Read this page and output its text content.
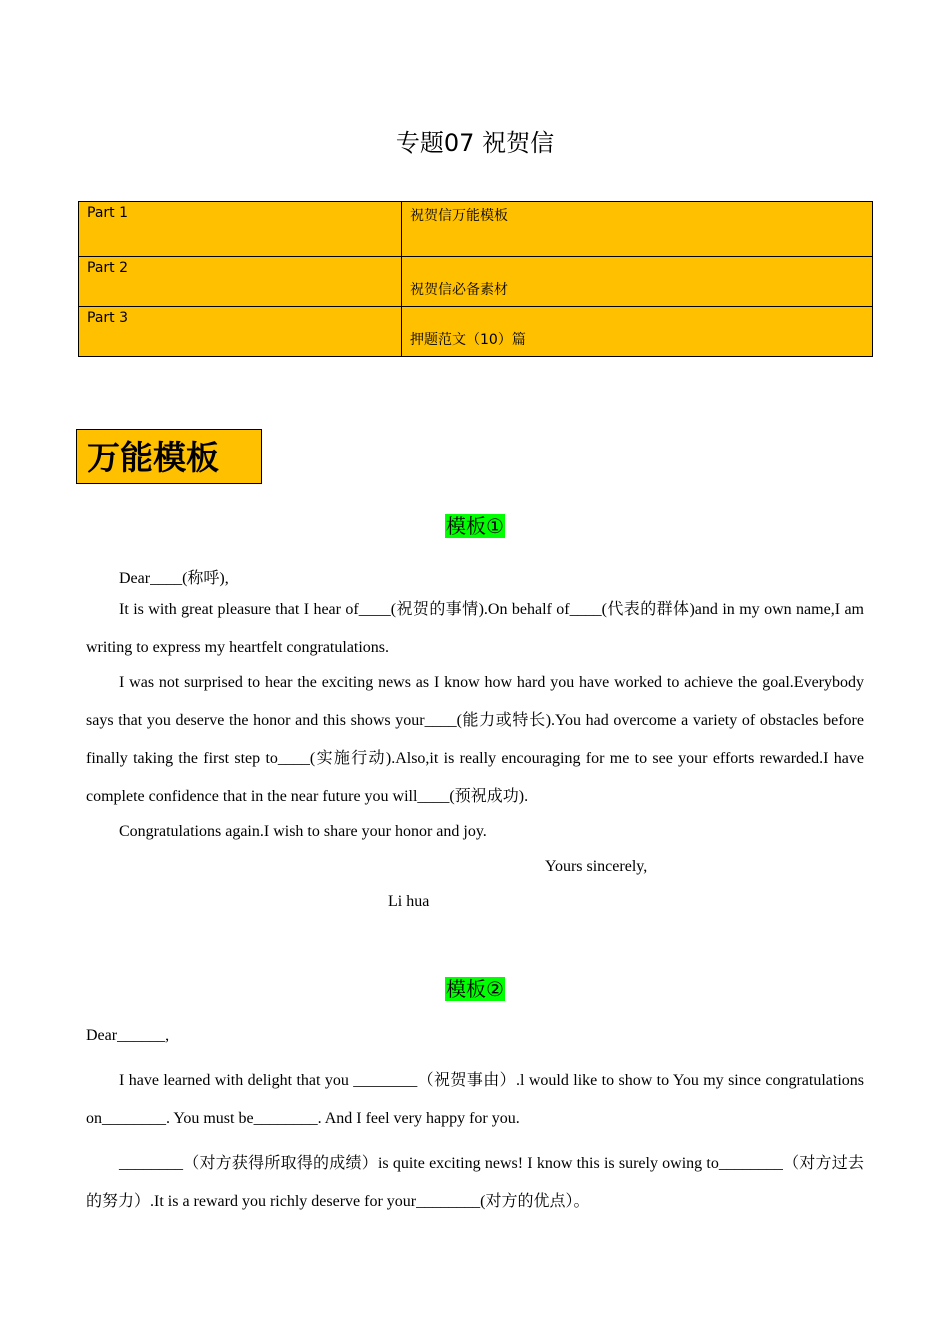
专题07 祝贺信
Part 1	祝贺信万能模板

Part 2	祝贺信必备素材

Part 3	押题范文（10）篇
万能模板
模板①
Dear____(称呼),
It is with great pleasure that I hear of____(祝贺的事情).On behalf of____(代表的群体)and in my own name,I am writing to express my heartfelt congratulations.
I was not surprised to hear the exciting news as I know how hard you have worked to achieve the goal.Everybody says that you deserve the honor and this shows your____(能力或特长).You had overcome a variety of obstacles before finally taking the first step to____(实施行动).Also,it is really encouraging for me to see your efforts rewarded.I have complete confidence that in the near future you will____(预祝成功).
Congratulations again.I wish to share your honor and joy.
Yours sincerely,
Li hua
模板②
Dear______,
I have learned with delight that you ________（祝贺事由）.l would like to show to You my since congratulations on________. You must be________. And I feel very happy for you.
________（对方获得所取得的成绩）is quite exciting news! I know this is surely owing to________（对方过去的努力）.It is a reward you richly deserve for your________(对方的优点）。
